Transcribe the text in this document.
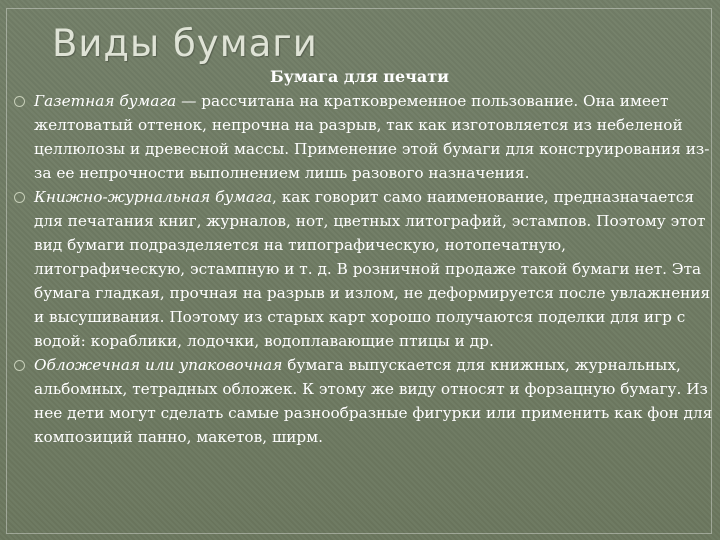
Виды бумаги
Бумага для печати

Газетная бумага — рассчитана на кратковременное пользование. Она имеет желтоватый оттенок, непрочна на разрыв, так как изготовляется из небеленой целлюлозы и древесной массы. Применение этой бумаги для конструирования из-за ее непрочности выполнением лишь разового назначения.

Книжно-журнальная бумага, как говорит само наименование, предназначается для печатания книг, журналов, нот, цветных литографий, эстампов. Поэтому этот вид бумаги подразделяется на типографическую, нотопечатную, литографическую, эстампную и т. д. В розничной продаже такой бумаги нет. Эта бумага гладкая, прочная на разрыв и излом, не деформируется после увлажнения и высушивания. Поэтому из старых карт хорошо получаются поделки для игр с водой: кораблики, лодочки, водоплавающие птицы и др.

Обложечная или упаковочная бумага выпускается для книжных, журнальных, альбомных, тетрадных обложек. К этому же виду относят и форзацную бумагу. Из нее дети могут сделать самые разнообразные фигурки или применить как фон для композиций панно, макетов, ширм.
